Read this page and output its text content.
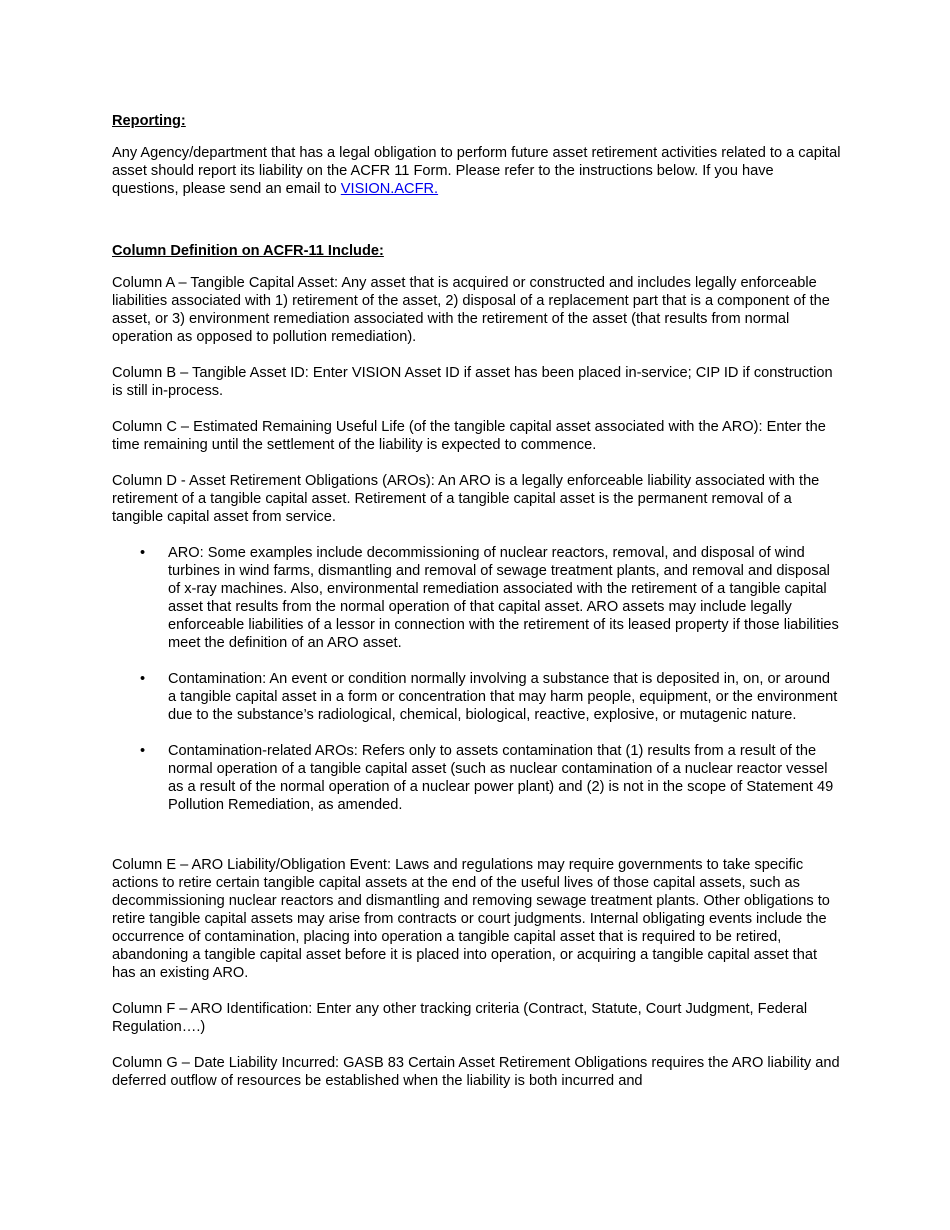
Reporting:

Any Agency/department that has a legal obligation to perform future asset retirement activities related to a capital asset should report its liability on the ACFR 11 Form. Please refer to the instructions below. If you have questions, please send an email to VISION.ACFR.

Column Definition on ACFR-11 Include:

Column A – Tangible Capital Asset: Any asset that is acquired or constructed and includes legally enforceable liabilities associated with 1) retirement of the asset, 2) disposal of a replacement part that is a component of the asset, or 3) environment remediation associated with the retirement of the asset (that results from normal operation as opposed to pollution remediation).

Column B – Tangible Asset ID: Enter VISION Asset ID if asset has been placed in-service; CIP ID if construction is still in-process.

Column C – Estimated Remaining Useful Life (of the tangible capital asset associated with the ARO): Enter the time remaining until the settlement of the liability is expected to commence.

Column D - Asset Retirement Obligations (AROs): An ARO is a legally enforceable liability associated with the retirement of a tangible capital asset. Retirement of a tangible capital asset is the permanent removal of a tangible capital asset from service.

• ARO: Some examples include decommissioning of nuclear reactors, removal, and disposal of wind turbines in wind farms, dismantling and removal of sewage treatment plants, and removal and disposal of x-ray machines. Also, environmental remediation associated with the retirement of a tangible capital asset that results from the normal operation of that capital asset. ARO assets may include legally enforceable liabilities of a lessor in connection with the retirement of its leased property if those liabilities meet the definition of an ARO asset.
• Contamination: An event or condition normally involving a substance that is deposited in, on, or around a tangible capital asset in a form or concentration that may harm people, equipment, or the environment due to the substance’s radiological, chemical, biological, reactive, explosive, or mutagenic nature.
• Contamination-related AROs: Refers only to assets contamination that (1) results from a result of the normal operation of a tangible capital asset (such as nuclear contamination of a nuclear reactor vessel as a result of the normal operation of a nuclear power plant) and (2) is not in the scope of Statement 49 Pollution Remediation, as amended.

Column E – ARO Liability/Obligation Event: Laws and regulations may require governments to take specific actions to retire certain tangible capital assets at the end of the useful lives of those capital assets, such as decommissioning nuclear reactors and dismantling and removing sewage treatment plants. Other obligations to retire tangible capital assets may arise from contracts or court judgments. Internal obligating events include the occurrence of contamination, placing into operation a tangible capital asset that is required to be retired, abandoning a tangible capital asset before it is placed into operation, or acquiring a tangible capital asset that has an existing ARO.

Column F – ARO Identification: Enter any other tracking criteria (Contract, Statute, Court Judgment, Federal Regulation….)

Column G – Date Liability Incurred: GASB 83 Certain Asset Retirement Obligations requires the ARO liability and deferred outflow of resources be established when the liability is both incurred and
